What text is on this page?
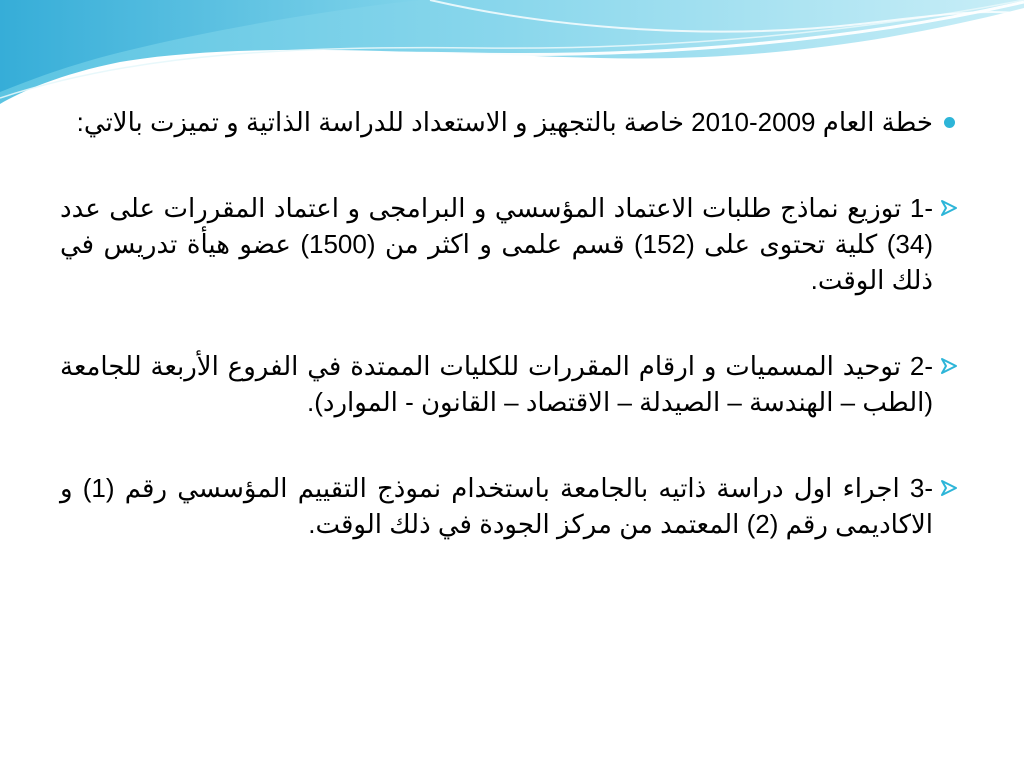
خطة العام 2009-2010 خاصة بالتجهيز و الاستعداد للدراسة الذاتية و تميزت بالاتي:

1- توزيع نماذج طلبات الاعتماد المؤسسي و البرامجى و اعتماد المقررات على عدد (34) كلية تحتوى على (152) قسم علمى و اكثر من (1500) عضو هيأة تدريس في ذلك الوقت.

2- توحيد المسميات و ارقام المقررات للكليات الممتدة في الفروع الأربعة للجامعة (الطب – الهندسة – الصيدلة – الاقتصاد – القانون - الموارد).

3- اجراء اول دراسة ذاتيه بالجامعة باستخدام نموذج التقييم المؤسسي رقم (1) و الاكاديمى رقم (2) المعتمد من مركز الجودة في ذلك الوقت.
